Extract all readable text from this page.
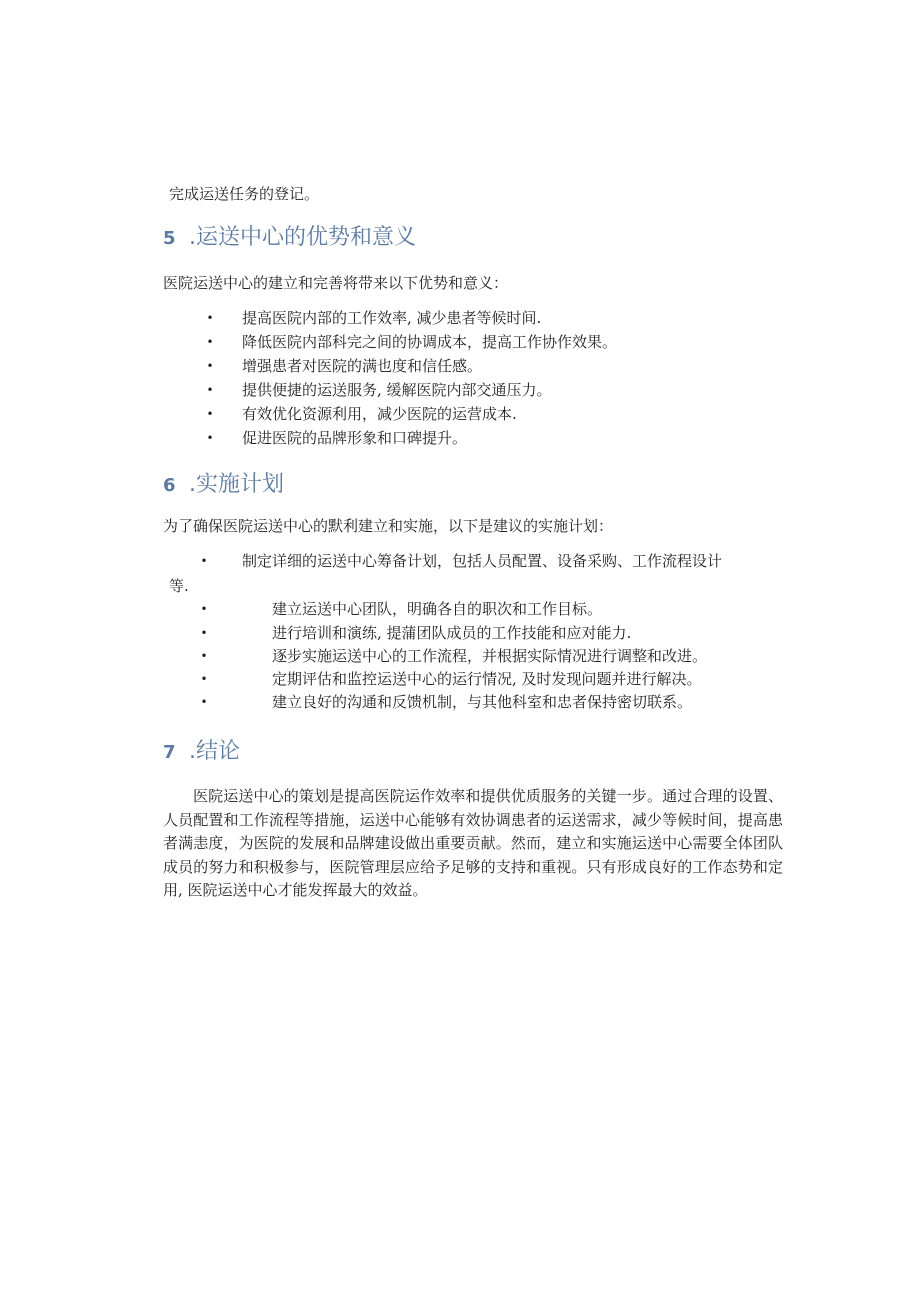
完成运送任务的登记。
5 .运送中心的优势和意义
医院运送中心的建立和完善将带来以下优势和意义：
• 提高医院内部的工作效率, 减少患者等候时间.
• 降低医院内部科完之间的协调成本，提高工作协作效果。
• 增强患者对医院的满也度和信任感。
• 提供便捷的运送服务, 缓解医院内部交通压力。
• 有效优化资源利用，减少医院的运营成本.
• 促进医院的品牌形象和口碑提升。
6 .实施计划
为了确保医院运送中心的默利建立和实施，以下是建议的实施计划：
• 制定详细的运送中心筹备计划，包括人员配置、设备采购、工作流程设计
等.
•	建立运送中心团队，明确各自的职次和工作目标。
•	进行培训和演练, 提蒲团队成员的工作技能和应对能力.
•	逐步实施运送中心的工作流程，并根据实际情况进行调整和改进。
•	定期评估和监控运送中心的运行情况, 及时发现问题并进行解决。
•	建立良好的沟通和反馈机制，与其他科室和忠者保持密切联系。
7 .结论
医院运送中心的策划是提高医院运作效率和提供优质服务的关键一步。通过合理的设置、人员配置和工作流程等措施，运送中心能够有效协调患者的运送需求，减少等候时间，提高患者满恚度，为医院的发展和品牌建设做出重要贡献。然而，建立和实施运送中心需要全体团队成员的努力和积极参与，医院管理层应给予足够的支持和重视。只有形成良好的工作态势和定用, 医院运送中心才能发挥最大的效益。
